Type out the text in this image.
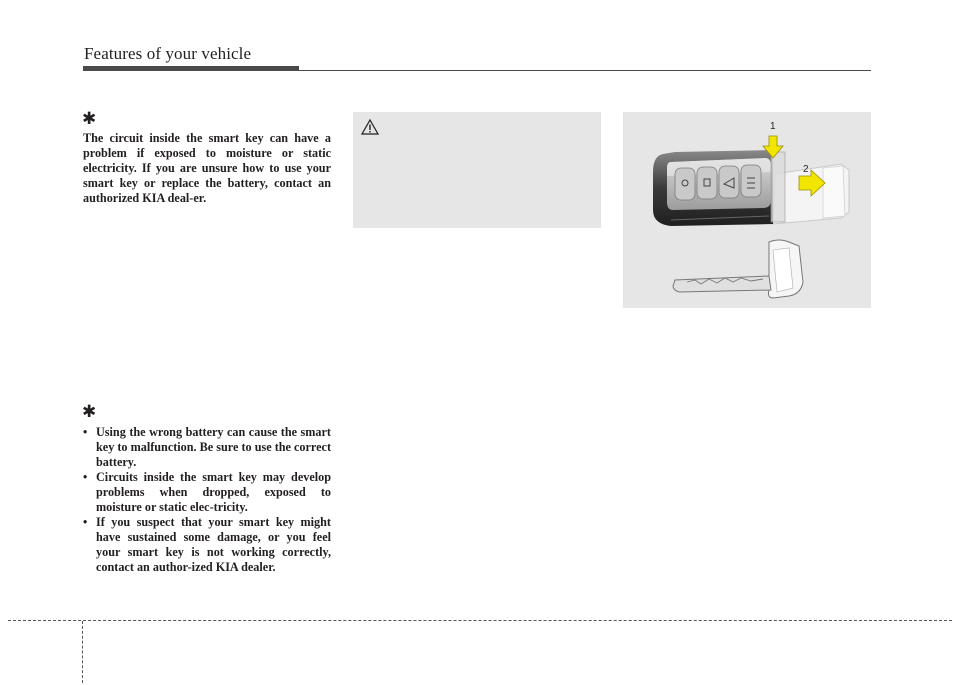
Features of your vehicle
✱

The circuit inside the smart key can have a problem if exposed to moisture or static electricity. If you are unsure how to use your smart key or replace the battery, contact an authorized KIA deal-er.

✱
• Using the wrong battery can cause the smart key to malfunction. Be sure to use the correct battery.
• Circuits inside the smart key may develop problems when dropped, exposed to moisture or static elec-tricity.
• If you suspect that your smart key might have sustained some damage, or you feel your smart key is not working correctly, contact an author-ized KIA dealer.
1
2
